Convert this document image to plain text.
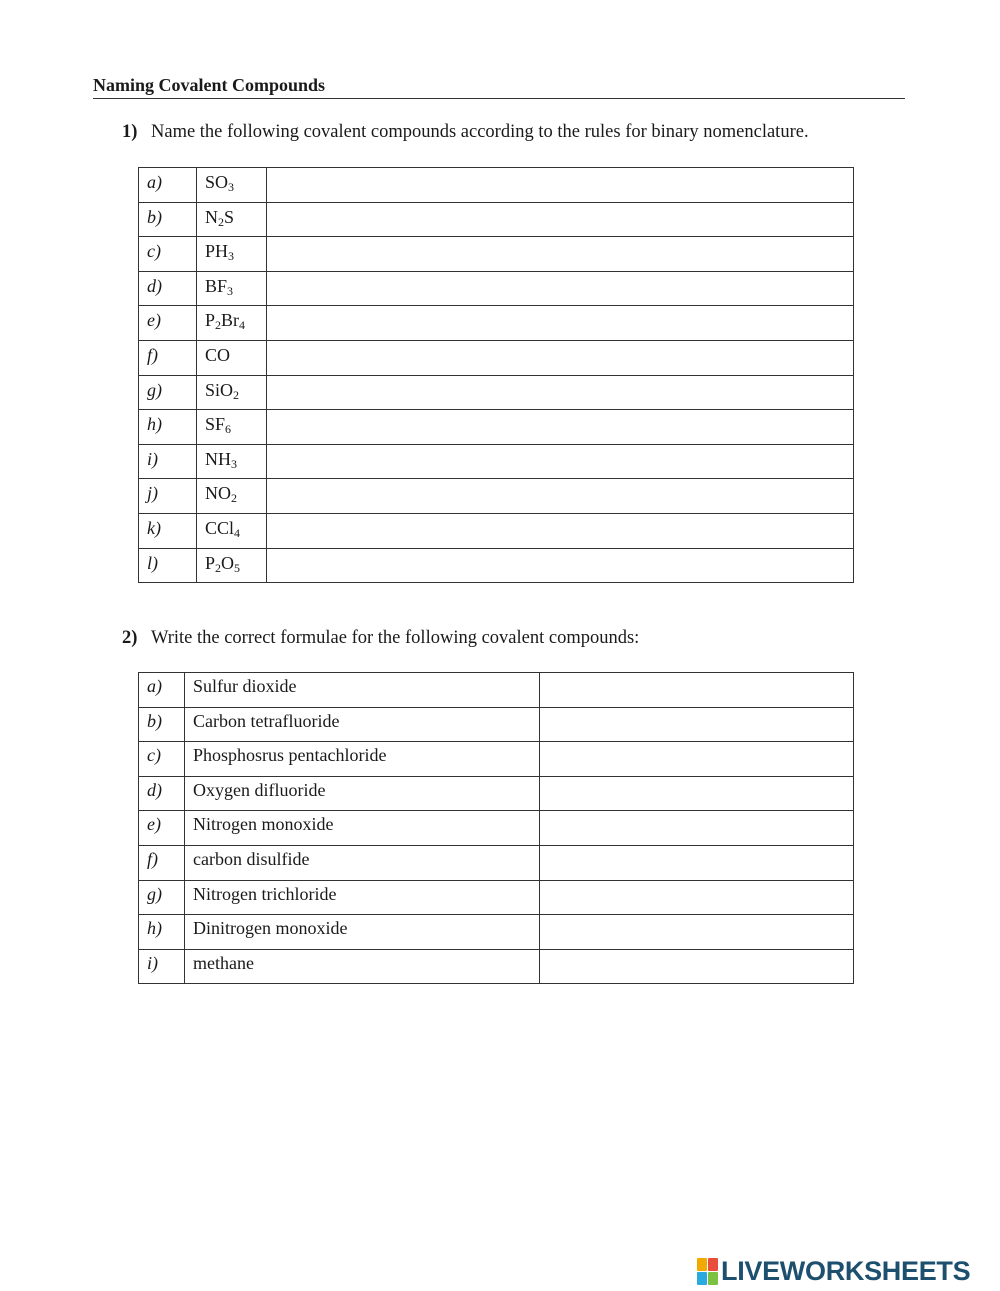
Naming Covalent Compounds
1) Name the following covalent compounds according to the rules for binary nomenclature.
a)	$SO_3$	
b)	$N_2S$	
c)	$PH_3$	
d)	$BF_3$	
e)	$P_2Br_4$	
f)	CO	
g)	SiO$_2$	
h)	$SF_6$	
i)	$NH_3$	
j)	$NO_2$	
k)	CCl$_4$	
l)	$P_2O_5$	
2) Write the correct formulae for the following covalent compounds:
a)	Sulfur dioxide	
b)	Carbon tetrafluoride	
c)	Phosphosrus pentachloride	
d)	Oxygen difluoride	
e)	Nitrogen monoxide	
f)	carbon disulfide	
g)	Nitrogen trichloride	
h)	Dinitrogen monoxide	
i)	methane	
LIVEWORKSHEETS
